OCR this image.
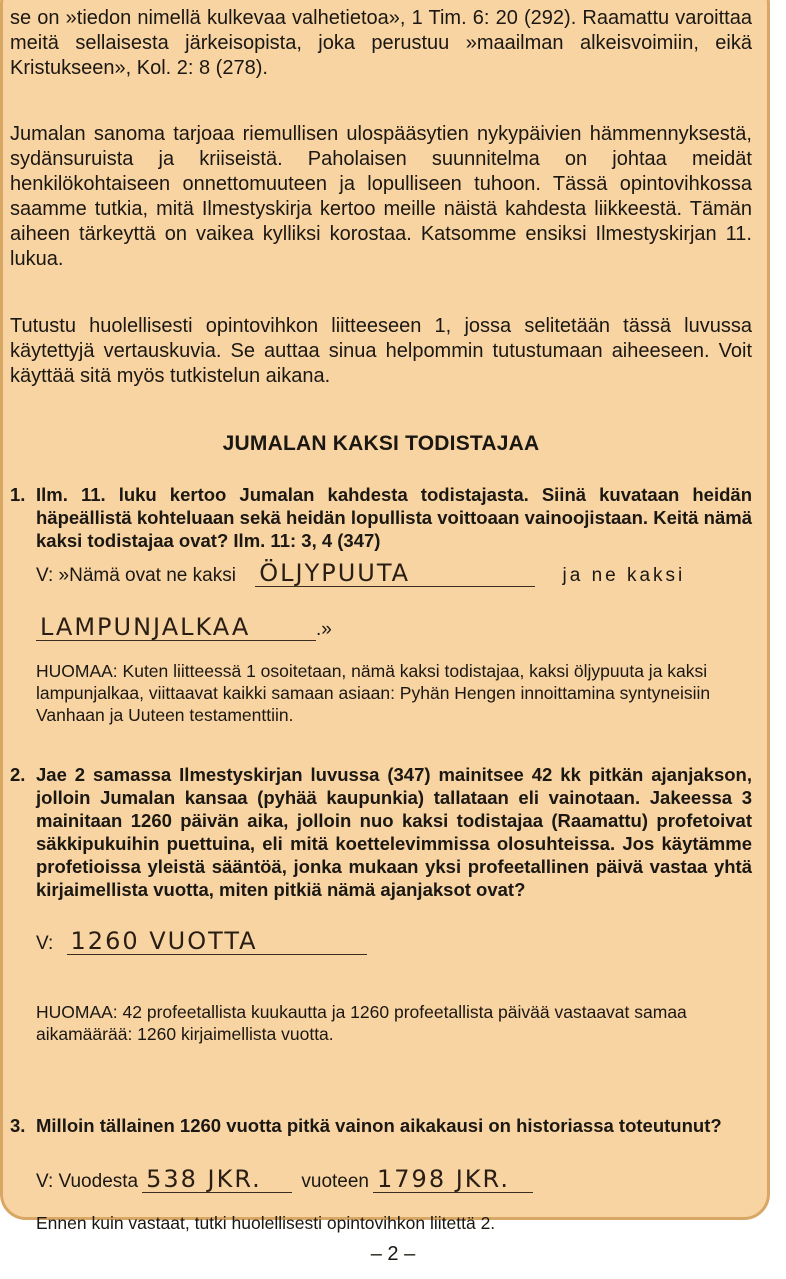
se on »tiedon nimellä kulkevaa valhetietoa», 1 Tim. 6: 20 (292). Raamattu varoittaa meitä sellaisesta järkeisopista, joka perustuu »maailman alkeisvoimiin, eikä Kristukseen», Kol. 2: 8 (278).

Jumalan sanoma tarjoaa riemullisen ulospääsytien nykypäivien hämmennyksestä, sydänsuruista ja kriiseistä. Paholaisen suunnitelma on johtaa meidät henkilökohtaiseen onnettomuuteen ja lopulliseen tuhoon. Tässä opintovihkossa saamme tutkia, mitä Ilmestyskirja kertoo meille näistä kahdesta liikkeestä. Tämän aiheen tärkeyttä on vaikea kylliksi korostaa. Katsomme ensiksi Ilmestyskirjan 11. lukua.

Tutustu huolellisesti opintovihkon liitteeseen 1, jossa selitetään tässä luvussa käytettyjä vertauskuvia. Se auttaa sinua helpommin tutustumaan aiheeseen. Voit käyttää sitä myös tutkistelun aikana.

JUMALAN KAKSI TODISTAJAA
1. Ilm. 11. luku kertoo Jumalan kahdesta todistajasta. Siinä kuvataan heidän häpeällistä kohteluaan sekä heidän lopullista voittoaan vainoojistaan. Keitä nämä kaksi todistajaa ovat? Ilm. 11: 3, 4 (347)

V: »Nämä ovat ne kaksi ÖLJYPUUTA	ja ne kaksi
LAMPUNJALKAA	.»

HUOMAA: Kuten liitteessä 1 osoitetaan, nämä kaksi todistajaa, kaksi öljypuuta ja kaksi lampunjalkaa, viittaavat kaikki samaan asiaan: Pyhän Hengen innoittamina syntyneisiin Vanhaan ja Uuteen testamenttiin.

2. Jae 2 samassa Ilmestyskirjan luvussa (347) mainitsee 42 kk pitkän ajanjakson, jolloin Jumalan kansaa (pyhää kaupunkia) tallataan eli vainotaan. Jakeessa 3 mainitaan 1260 päivän aika, jolloin nuo kaksi todistajaa (Raamattu) profetoivat säkkipukuihin puettuina, eli mitä koettelevimmissa olosuhteissa. Jos käytämme profetioissa yleistä sääntöä, jonka mukaan yksi profeetallinen päivä vastaa yhtä kirjaimellista vuotta, miten pitkiä nämä ajanjaksot ovat?

V: 1260 VUOTTA

HUOMAA: 42 profeetallista kuukautta ja 1260 profeetallista päivää vastaavat samaa aikamäärää: 1260 kirjaimellista vuotta.

3. Milloin tällainen 1260 vuotta pitkä vainon aikakausi on historiassa toteutunut?

V: Vuodesta 538 JKR. vuoteen 1798 JKR.

Ennen kuin vastaat, tutki huolellisesti opintovihkon liitettä 2.

– 2 –
